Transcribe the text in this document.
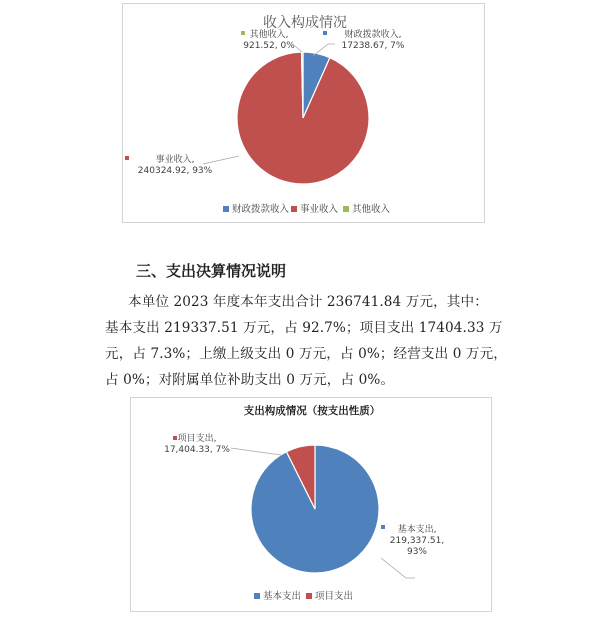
收入构成情况
财政拨款收入, 17238.67, 7%
事业收入, 240324.92, 93%
其他收入, 921.52, 0%
财政拨款收入 事业收入 其他收入
三、支出决算情况说明
本单位 2023 年度本年支出合计 236741.84 万元，其中：
基本支出 219337.51 万元，占 92.7%；项目支出 17404.33 万
元，占 7.3%；上缴上级支出 0 万元，占 0%；经营支出 0 万元，
占 0%；对附属单位补助支出 0 万元，占 0%。
支出构成情况（按支出性质）
基本支出, 219,337.51, 93%
项目支出, 17,404.33, 7%
基本支出 项目支出
